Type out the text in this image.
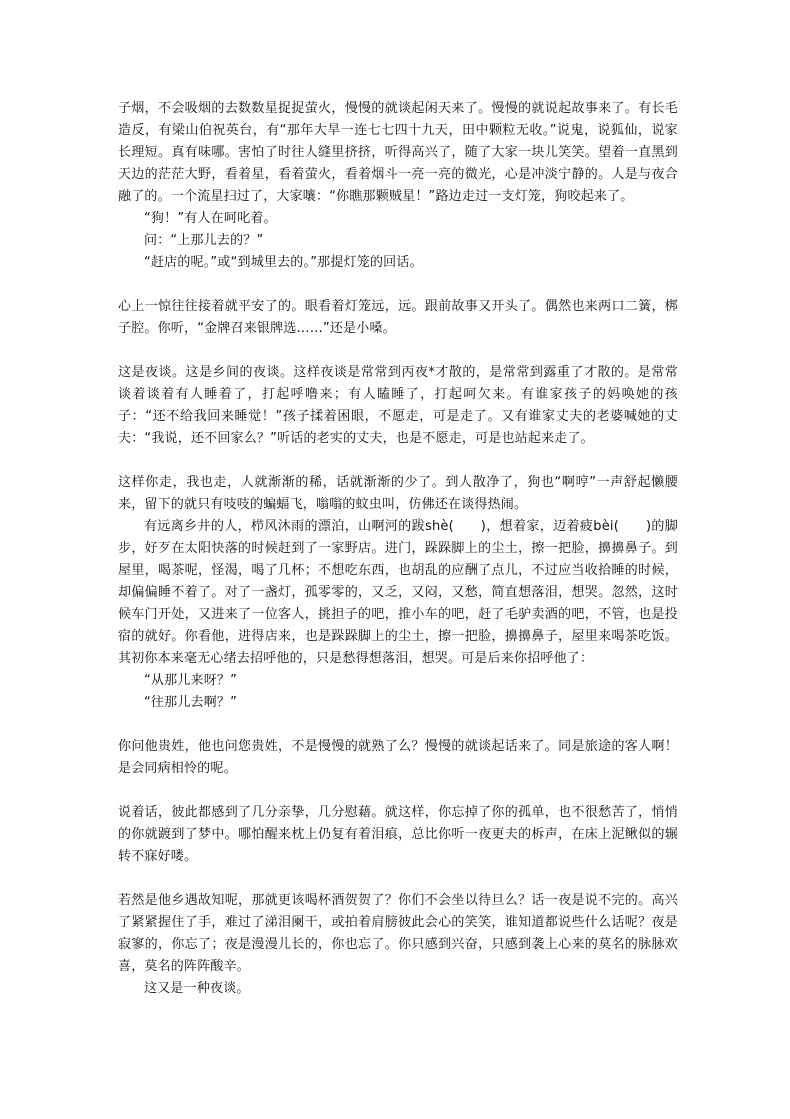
子烟，不会吸烟的去数数星捉捉萤火，慢慢的就谈起闲天来了。慢慢的就说起故事来了。有长毛造反，有梁山伯祝英台，有“那年大旱一连七七四十九天，田中颗粒无收。”说鬼，说狐仙，说家长理短。真有味哪。害怕了时往人缝里挤挤，听得高兴了，随了大家一块儿笑笑。望着一直黑到天边的茫茫大野，看着星，看着萤火，看着烟斗一亮一亮的微光，心是冲淡宁静的。人是与夜合融了的。一个流星扫过了，大家嚷：“你瞧那颗贼星！”路边走过一支灯笼，狗咬起来了。

“狗！”有人在呵叱着。

问：“上那儿去的？”

“赶店的呢。”或“到城里去的。”那提灯笼的回话。

心上一惊往往接着就平安了的。眼看着灯笼远，远。跟前故事又开头了。偶然也来两口二簧，梆子腔。你听，“金牌召来银牌选……”还是小嗓。

这是夜谈。这是乡间的夜谈。这样夜谈是常常到丙夜*才散的，是常常到露重了才散的。是常常谈着谈着有人睡着了，打起呼噜来；有人瞌睡了，打起呵欠来。有谁家孩子的妈唤她的孩子：“还不给我回来睡觉！”孩子揉着困眼，不愿走，可是走了。又有谁家丈夫的老婆喊她的丈夫：“我说，还不回家么？”听话的老实的丈夫，也是不愿走，可是也站起来走了。

这样你走，我也走，人就渐渐的稀，话就渐渐的少了。到人散净了，狗也“啊哼”一声舒起懒腰来，留下的就只有吱吱的蝙蝠飞，嗡嗡的蚊虫叫，仿佛还在谈得热闹。

有远离乡井的人，栉风沐雨的漂泊，山啊河的跋shè(　　)，想着家，迈着疲bèi(　　)的脚步，好歹在太阳快落的时候赶到了一家野店。进门，跺跺脚上的尘土，擦一把脸，擤擤鼻子。到屋里，喝茶呢，怪渴，喝了几杯；不想吃东西，也胡乱的应酬了点儿，不过应当收拾睡的时候，却偏偏睡不着了。对了一盏灯，孤零零的，又乏，又闷，又愁，简直想落泪，想哭。忽然，这时候车门开处，又进来了一位客人，挑担子的吧，推小车的吧，赶了毛驴卖酒的吧，不管，也是投宿的就好。你看他，进得店来，也是跺跺脚上的尘土，擦一把脸，擤擤鼻子，屋里来喝茶吃饭。其初你本来毫无心绪去招呼他的，只是愁得想落泪，想哭。可是后来你招呼他了：

“从那儿来呀？”

“往那儿去啊？”

你问他贵姓，他也问您贵姓，不是慢慢的就熟了么？慢慢的就谈起话来了。同是旅途的客人啊！是会同病相怜的呢。

说着话，彼此都感到了几分亲挚，几分慰藉。就这样，你忘掉了你的孤单，也不很愁苦了，悄悄的你就踱到了梦中。哪怕醒来枕上仍复有着泪痕，总比你听一夜更夫的柝声，在床上泥鳅似的辗转不寐好喽。

若然是他乡遇故知呢，那就更该喝杯酒贺贺了？你们不会坐以待旦么？话一夜是说不完的。高兴了紧紧握住了手，难过了涕泪阑干，或拍着肩膀彼此会心的笑笑，谁知道都说些什么话呢？夜是寂寥的，你忘了；夜是漫漫儿长的，你也忘了。你只感到兴奋，只感到袭上心来的莫名的脉脉欢喜，莫名的阵阵酸辛。

这又是一种夜谈。
